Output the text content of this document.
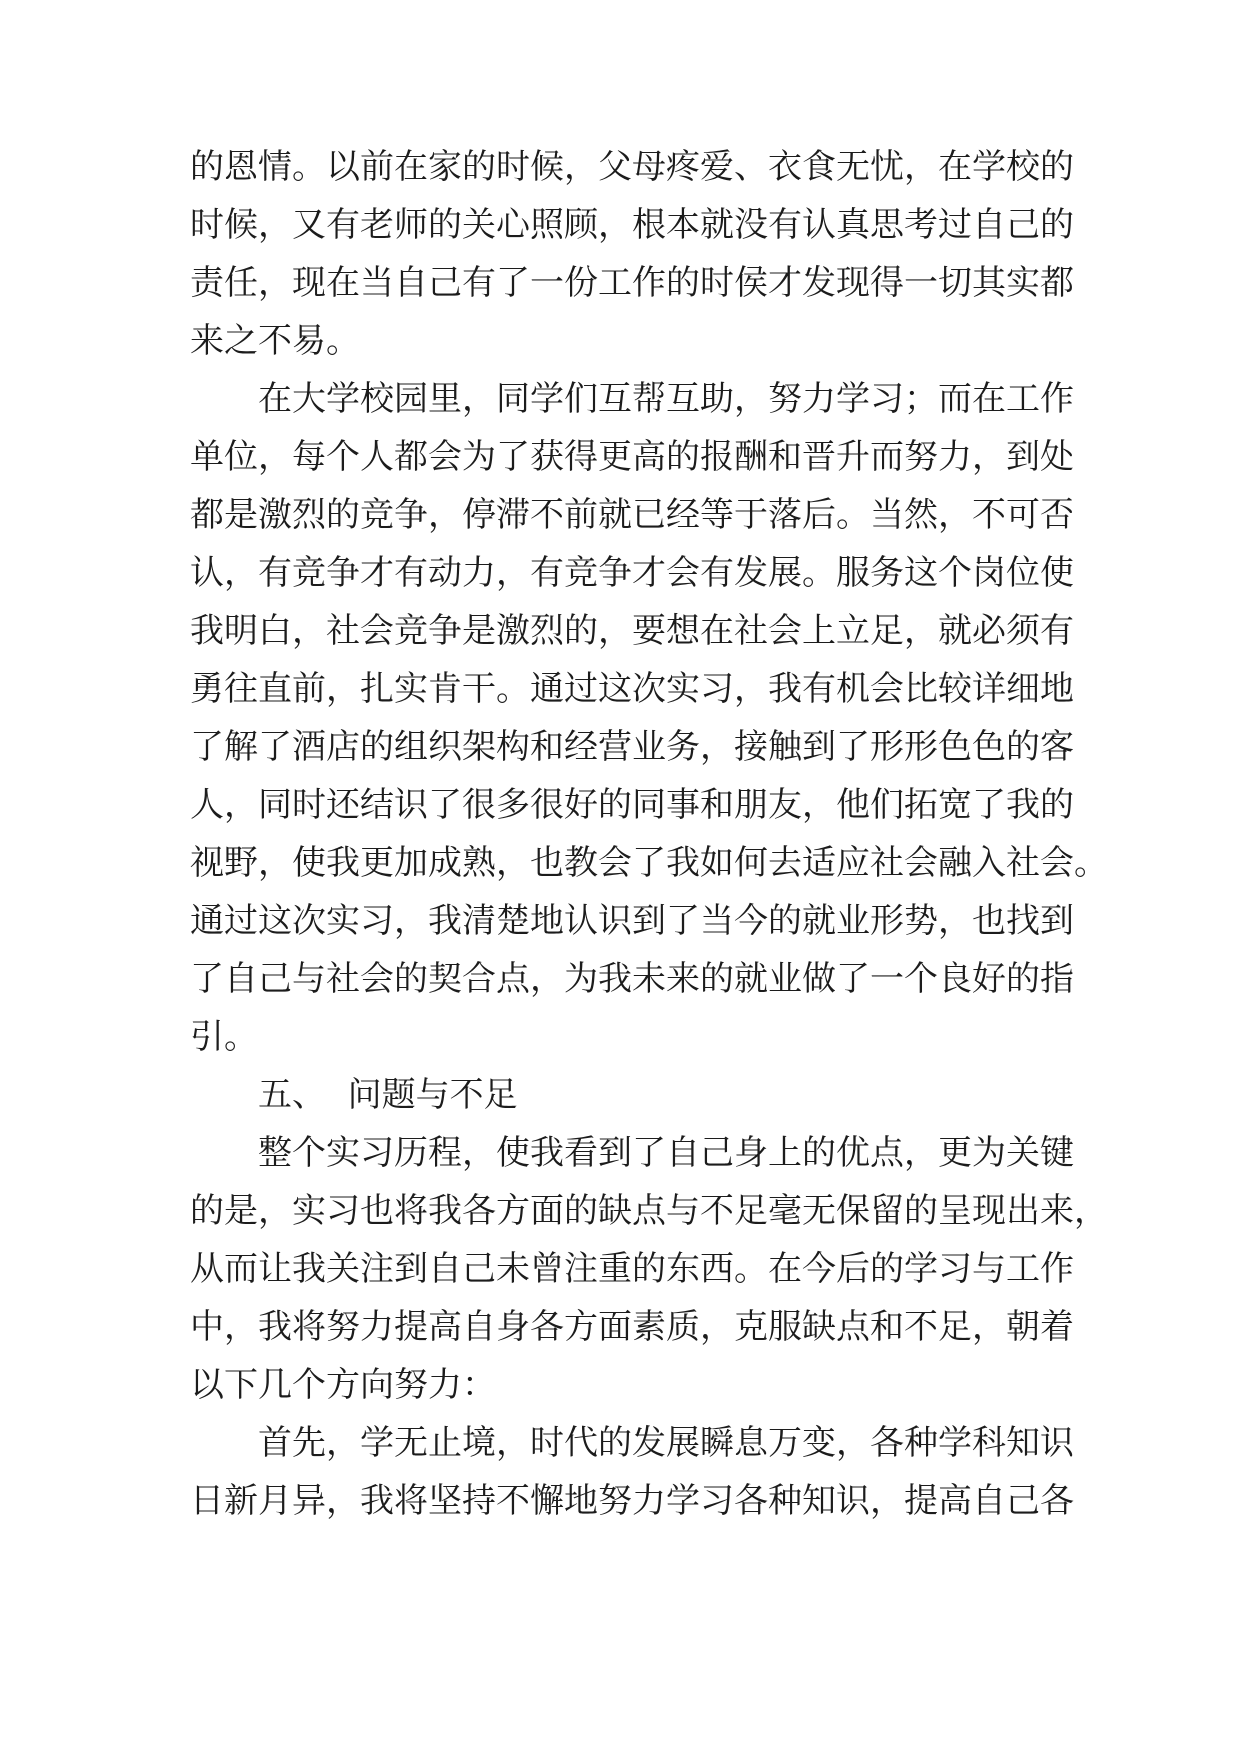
的恩情。以前在家的时候，父母疼爱、衣食无忧，在学校的
时候，又有老师的关心照顾，根本就没有认真思考过自己的
责任，现在当自己有了一份工作的时侯才发现得一切其实都
来之不易。
在大学校园里，同学们互帮互助，努力学习；而在工作
单位，每个人都会为了获得更高的报酬和晋升而努力，到处
都是激烈的竞争，停滞不前就已经等于落后。当然，不可否
认，有竞争才有动力，有竞争才会有发展。服务这个岗位使
我明白，社会竞争是激烈的，要想在社会上立足，就必须有
勇往直前，扎实肯干。通过这次实习，我有机会比较详细地
了解了酒店的组织架构和经营业务，接触到了形形色色的客
人，同时还结识了很多很好的同事和朋友，他们拓宽了我的
视野，使我更加成熟，也教会了我如何去适应社会融入社会。
通过这次实习，我清楚地认识到了当今的就业形势，也找到
了自己与社会的契合点，为我未来的就业做了一个良好的指
引。
五、  问题与不足
整个实习历程，使我看到了自己身上的优点，更为关键
的是，实习也将我各方面的缺点与不足毫无保留的呈现出来，
从而让我关注到自己未曾注重的东西。在今后的学习与工作
中，我将努力提高自身各方面素质，克服缺点和不足，朝着
以下几个方向努力：
首先，学无止境，时代的发展瞬息万变，各种学科知识
日新月异，我将坚持不懈地努力学习各种知识，提高自己各
